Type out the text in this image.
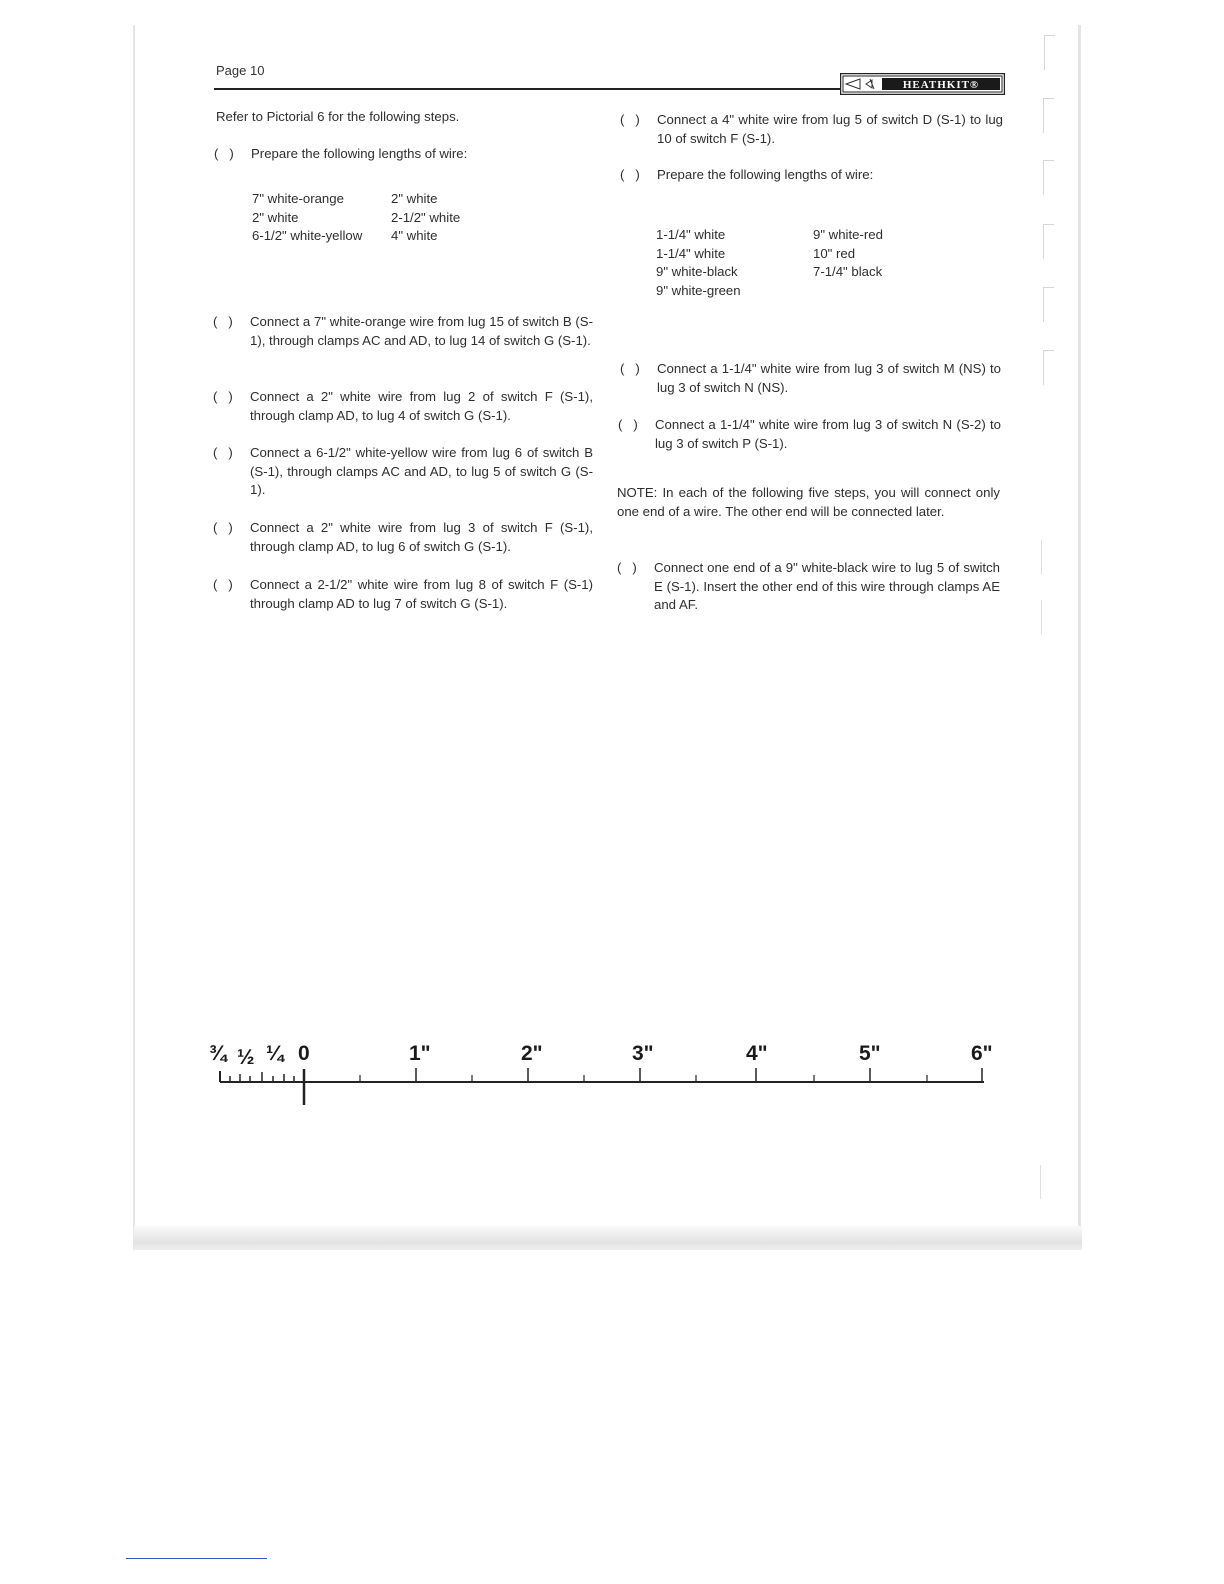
Page 10
HEATHKIT®
Refer to Pictorial 6 for the following steps.
(   )	Prepare the following lengths of wire:
7" white-orange	2" white
2" white	2-1/2" white
6-1/2" white-yellow	4" white
(   )	Connect a 7" white-orange wire from lug 15 of switch B (S-1), through clamps AC and AD, to lug 14 of switch G (S-1).
(   )	Connect a 2" white wire from lug 2 of switch F (S-1), through clamp AD, to lug 4 of switch G (S-1).
(   )	Connect a 6-1/2" white-yellow wire from lug 6 of switch B (S-1), through clamps AC and AD, to lug 5 of switch G (S-1).
(   )	Connect a 2" white wire from lug 3 of switch F (S-1), through clamp AD, to lug 6 of switch G (S-1).
(   )	Connect a 2-1/2" white wire from lug 8 of switch F (S-1) through clamp AD to lug 7 of switch G (S-1).
(   )	Connect a 4" white wire from lug 5 of switch D (S-1) to lug 10 of switch F (S-1).
(   )	Prepare the following lengths of wire:
1-1/4" white	9" white-red
1-1/4" white	10" red
9" white-black	7-1/4" black
9" white-green
(   )	Connect a 1-1/4" white wire from lug 3 of switch M (NS) to lug 3 of switch N (NS).
(   )	Connect a 1-1/4" white wire from lug 3 of switch N (S-2) to lug 3 of switch P (S-1).
NOTE: In each of the following five steps, you will connect only one end of a wire. The other end will be connected later.
(   )	Connect one end of a 9" white-black wire to lug 5 of switch E (S-1). Insert the other end of this wire through clamps AE and AF.
¾ ½ ¼ 0	1"	2"	3"	4"	5"	6"
